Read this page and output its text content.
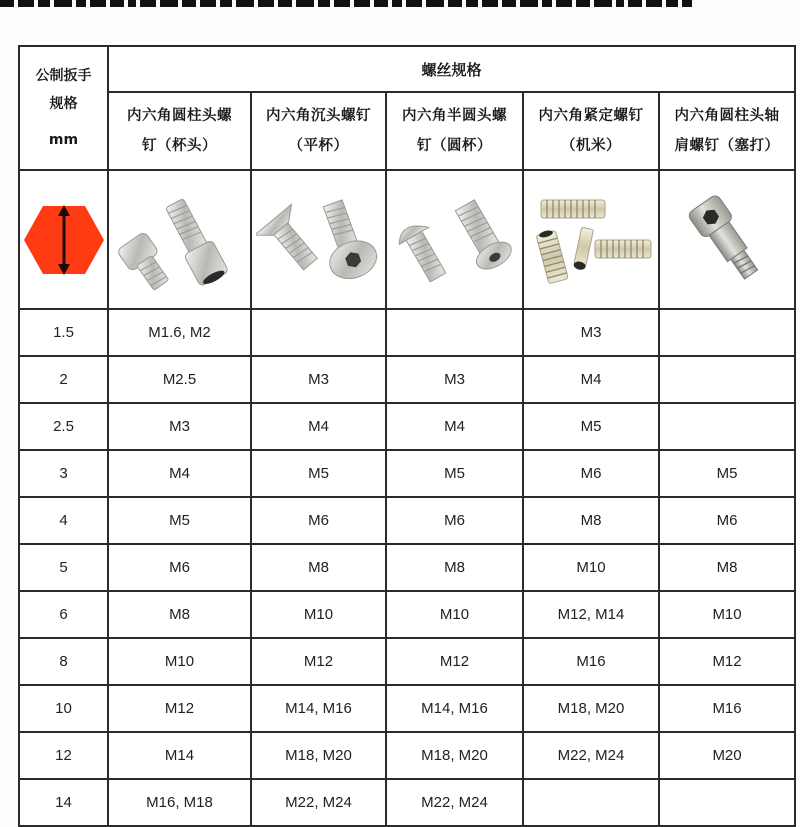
公制扳手
规格
mm	螺丝规格				

内六角圆柱头螺
钉（杯头）

内六角沉头螺钉
（平杯）

内六角半圆头螺
钉（圆杯）

内六角紧定螺钉
（机米）

内六角圆柱头轴
肩螺钉（塞打）

1.5	M1.6, M2			M3	
2	M2.5	M3	M3	M4	
2.5	M3	M4	M4	M5	
3	M4	M5	M5	M6	M5
4	M5	M6	M6	M8	M6
5	M6	M8	M8	M10	M8
6	M8	M10	M10	M12, M14	M10
8	M10	M12	M12	M16	M12
10	M12	M14, M16	M14, M16	M18, M20	M16
12	M14	M18, M20	M18, M20	M22, M24	M20
14	M16, M18	M22, M24	M22, M24		
